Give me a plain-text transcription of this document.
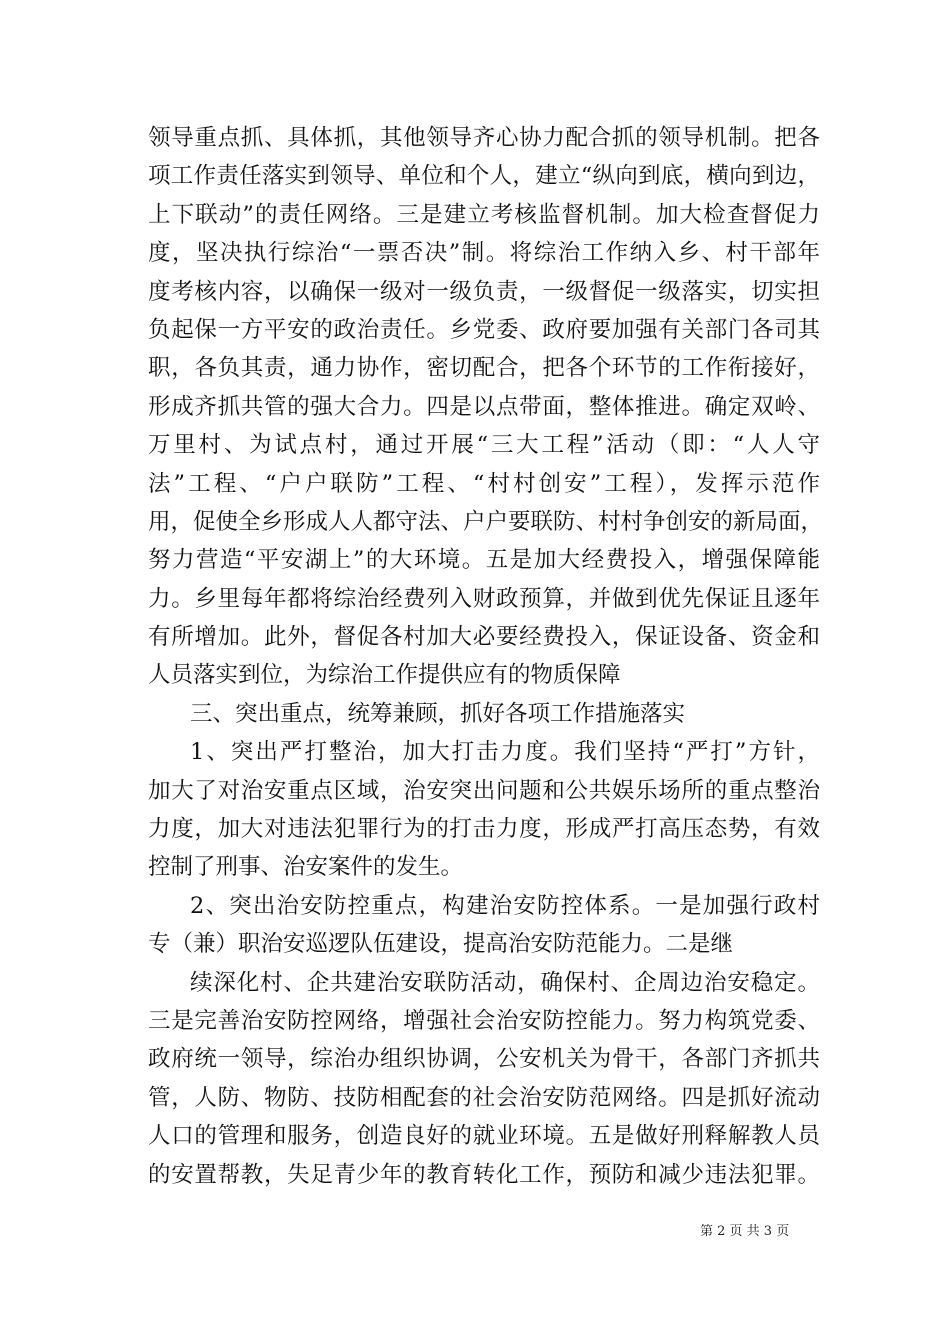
领导重点抓、具体抓，其他领导齐心协力配合抓的领导机制。把各
项工作责任落实到领导、单位和个人，建立“纵向到底，横向到边，
上下联动”的责任网络。三是建立考核监督机制。加大检查督促力
度，坚决执行综治“一票否决”制。将综治工作纳入乡、村干部年
度考核内容，以确保一级对一级负责，一级督促一级落实，切实担
负起保一方平安的政治责任。乡党委、政府要加强有关部门各司其
职，各负其责，通力协作，密切配合，把各个环节的工作衔接好，
形成齐抓共管的强大合力。四是以点带面，整体推进。确定双岭、
万里村、为试点村，通过开展“三大工程”活动（即：“人人守
法”工程、“户户联防”工程、“村村创安”工程），发挥示范作
用，促使全乡形成人人都守法、户户要联防、村村争创安的新局面，
努力营造“平安湖上”的大环境。五是加大经费投入，增强保障能
力。乡里每年都将综治经费列入财政预算，并做到优先保证且逐年
有所增加。此外，督促各村加大必要经费投入，保证设备、资金和
人员落实到位，为综治工作提供应有的物质保障
三、突出重点，统筹兼顾，抓好各项工作措施落实
1、突出严打整治，加大打击力度。我们坚持“严打”方针，
加大了对治安重点区域，治安突出问题和公共娱乐场所的重点整治
力度，加大对违法犯罪行为的打击力度，形成严打高压态势，有效
控制了刑事、治安案件的发生。
2、突出治安防控重点，构建治安防控体系。一是加强行政村
专（兼）职治安巡逻队伍建设，提高治安防范能力。二是继
续深化村、企共建治安联防活动，确保村、企周边治安稳定。
三是完善治安防控网络，增强社会治安防控能力。努力构筑党委、
政府统一领导，综治办组织协调，公安机关为骨干，各部门齐抓共
管，人防、物防、技防相配套的社会治安防范网络。四是抓好流动
人口的管理和服务，创造良好的就业环境。五是做好刑释解教人员
的安置帮教，失足青少年的教育转化工作，预防和减少违法犯罪。
第 2 页 共 3 页
